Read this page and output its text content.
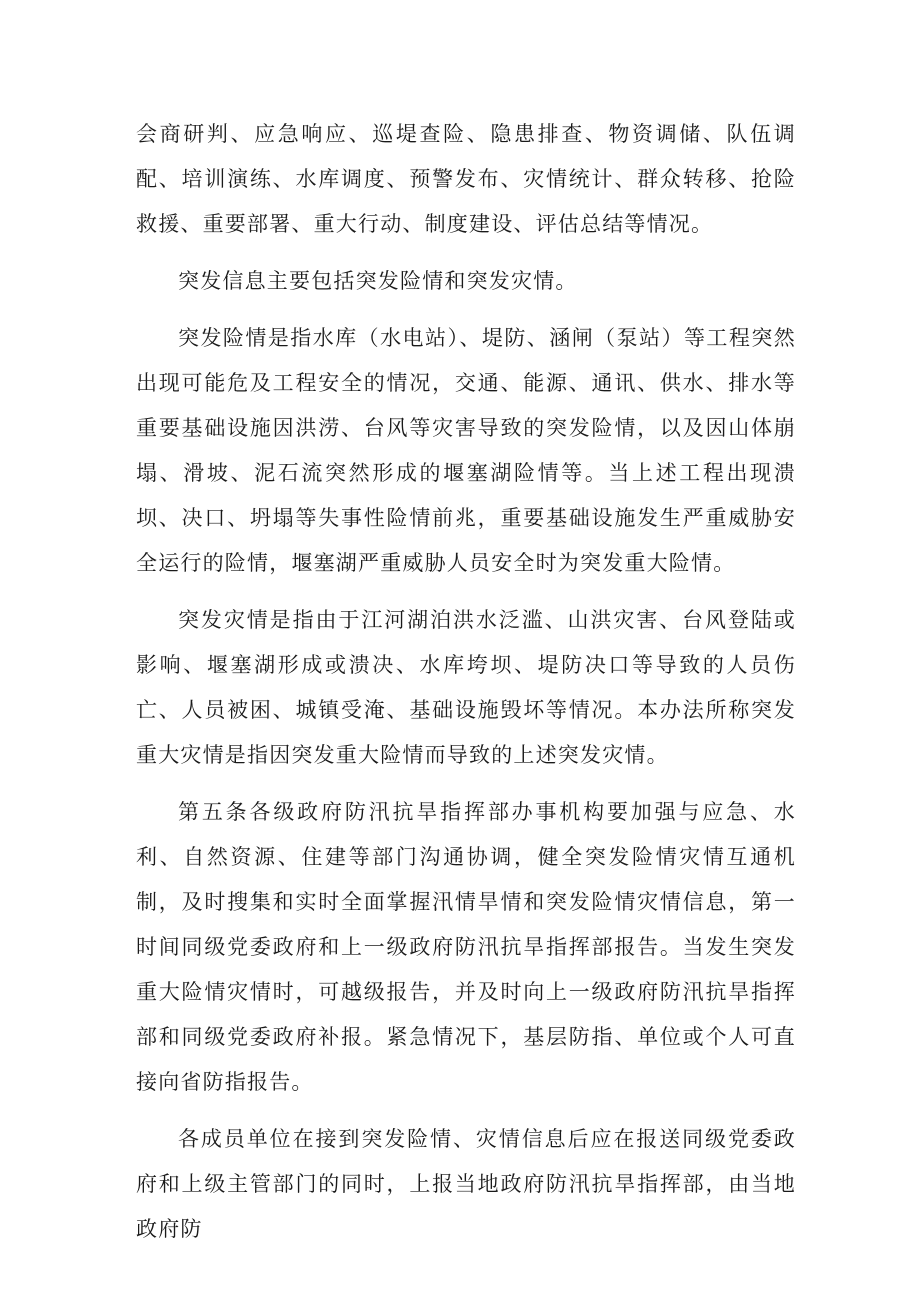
会商研判、应急响应、巡堤查险、隐患排查、物资调储、队伍调配、培训演练、水库调度、预警发布、灾情统计、群众转移、抢险救援、重要部署、重大行动、制度建设、评估总结等情况。

突发信息主要包括突发险情和突发灾情。

突发险情是指水库（水电站）、堤防、涵闸（泵站）等工程突然出现可能危及工程安全的情况，交通、能源、通讯、供水、排水等重要基础设施因洪涝、台风等灾害导致的突发险情，以及因山体崩塌、滑坡、泥石流突然形成的堰塞湖险情等。当上述工程出现溃坝、决口、坍塌等失事性险情前兆，重要基础设施发生严重威胁安全运行的险情，堰塞湖严重威胁人员安全时为突发重大险情。

突发灾情是指由于江河湖泊洪水泛滥、山洪灾害、台风登陆或影响、堰塞湖形成或溃决、水库垮坝、堤防决口等导致的人员伤亡、人员被困、城镇受淹、基础设施毁坏等情况。本办法所称突发重大灾情是指因突发重大险情而导致的上述突发灾情。

第五条各级政府防汛抗旱指挥部办事机构要加强与应急、水利、自然资源、住建等部门沟通协调，健全突发险情灾情互通机制，及时搜集和实时全面掌握汛情旱情和突发险情灾情信息，第一时间同级党委政府和上一级政府防汛抗旱指挥部报告。当发生突发重大险情灾情时，可越级报告，并及时向上一级政府防汛抗旱指挥部和同级党委政府补报。紧急情况下，基层防指、单位或个人可直接向省防指报告。

各成员单位在接到突发险情、灾情信息后应在报送同级党委政府和上级主管部门的同时，上报当地政府防汛抗旱指挥部，由当地政府防
